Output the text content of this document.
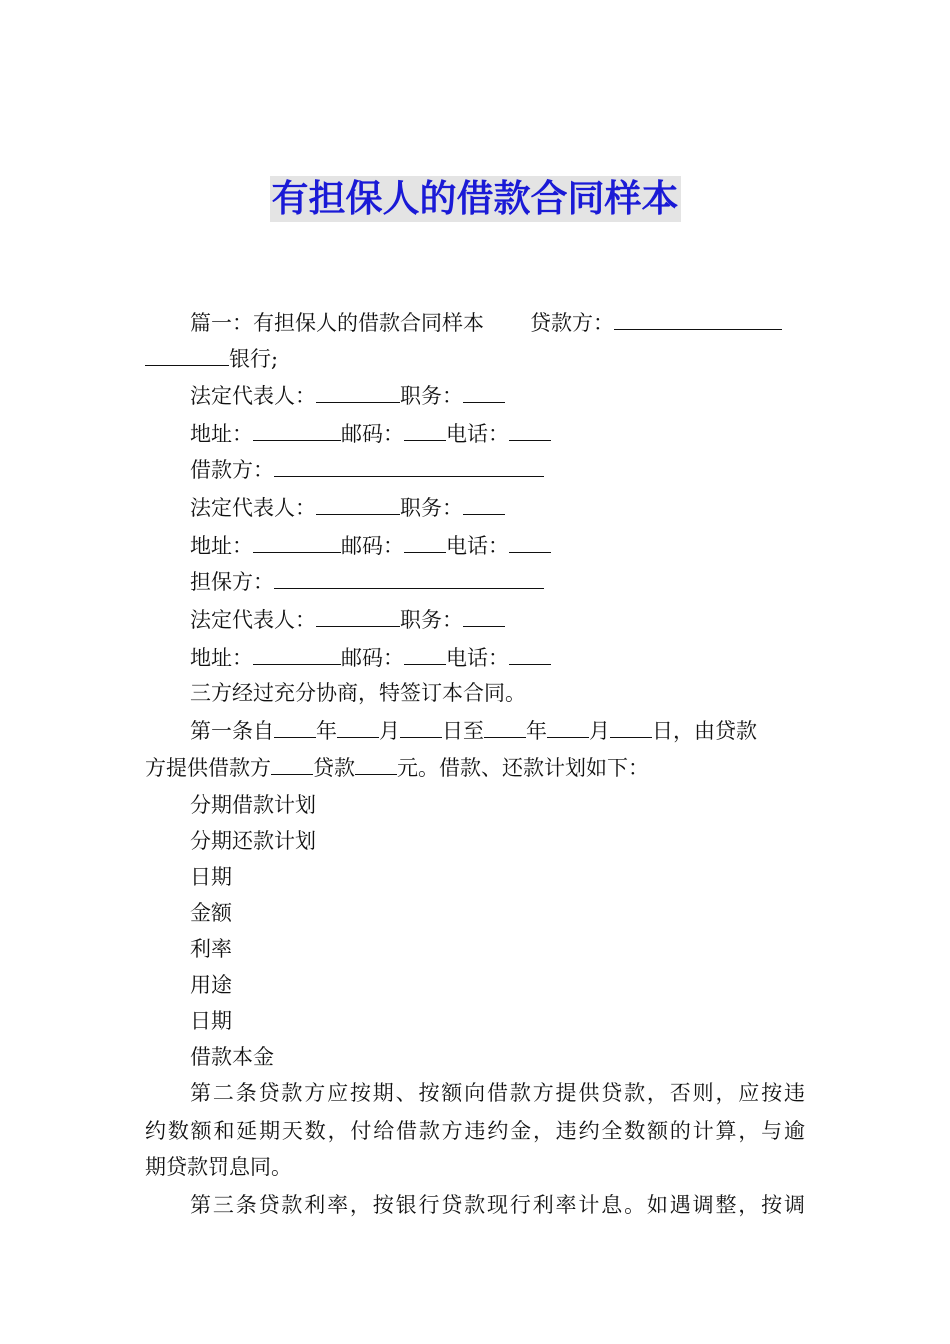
有担保人的借款合同样本
篇一：有担保人的借款合同样本 贷款方：
银行;
法定代表人：	职务：
地址：	邮码： 电话：
借款方：
法定代表人：	职务：
地址：	邮码： 电话：
担保方：
法定代表人：	职务：
地址：	邮码： 电话：
三方经过充分协商，特签订本合同。
第一条自 年 月 日至 年 月 日，由贷款
方提供借款方 贷款 元。借款、还款计划如下：
分期借款计划
分期还款计划
日期
金额
利率
用途
日期
借款本金
第二条贷款方应按期、按额向借款方提供贷款，否则，应按违
约数额和延期天数，付给借款方违约金，违约全数额的计算，与逾
期贷款罚息同。
第三条贷款利率，按银行贷款现行利率计息。如遇调整，按调
